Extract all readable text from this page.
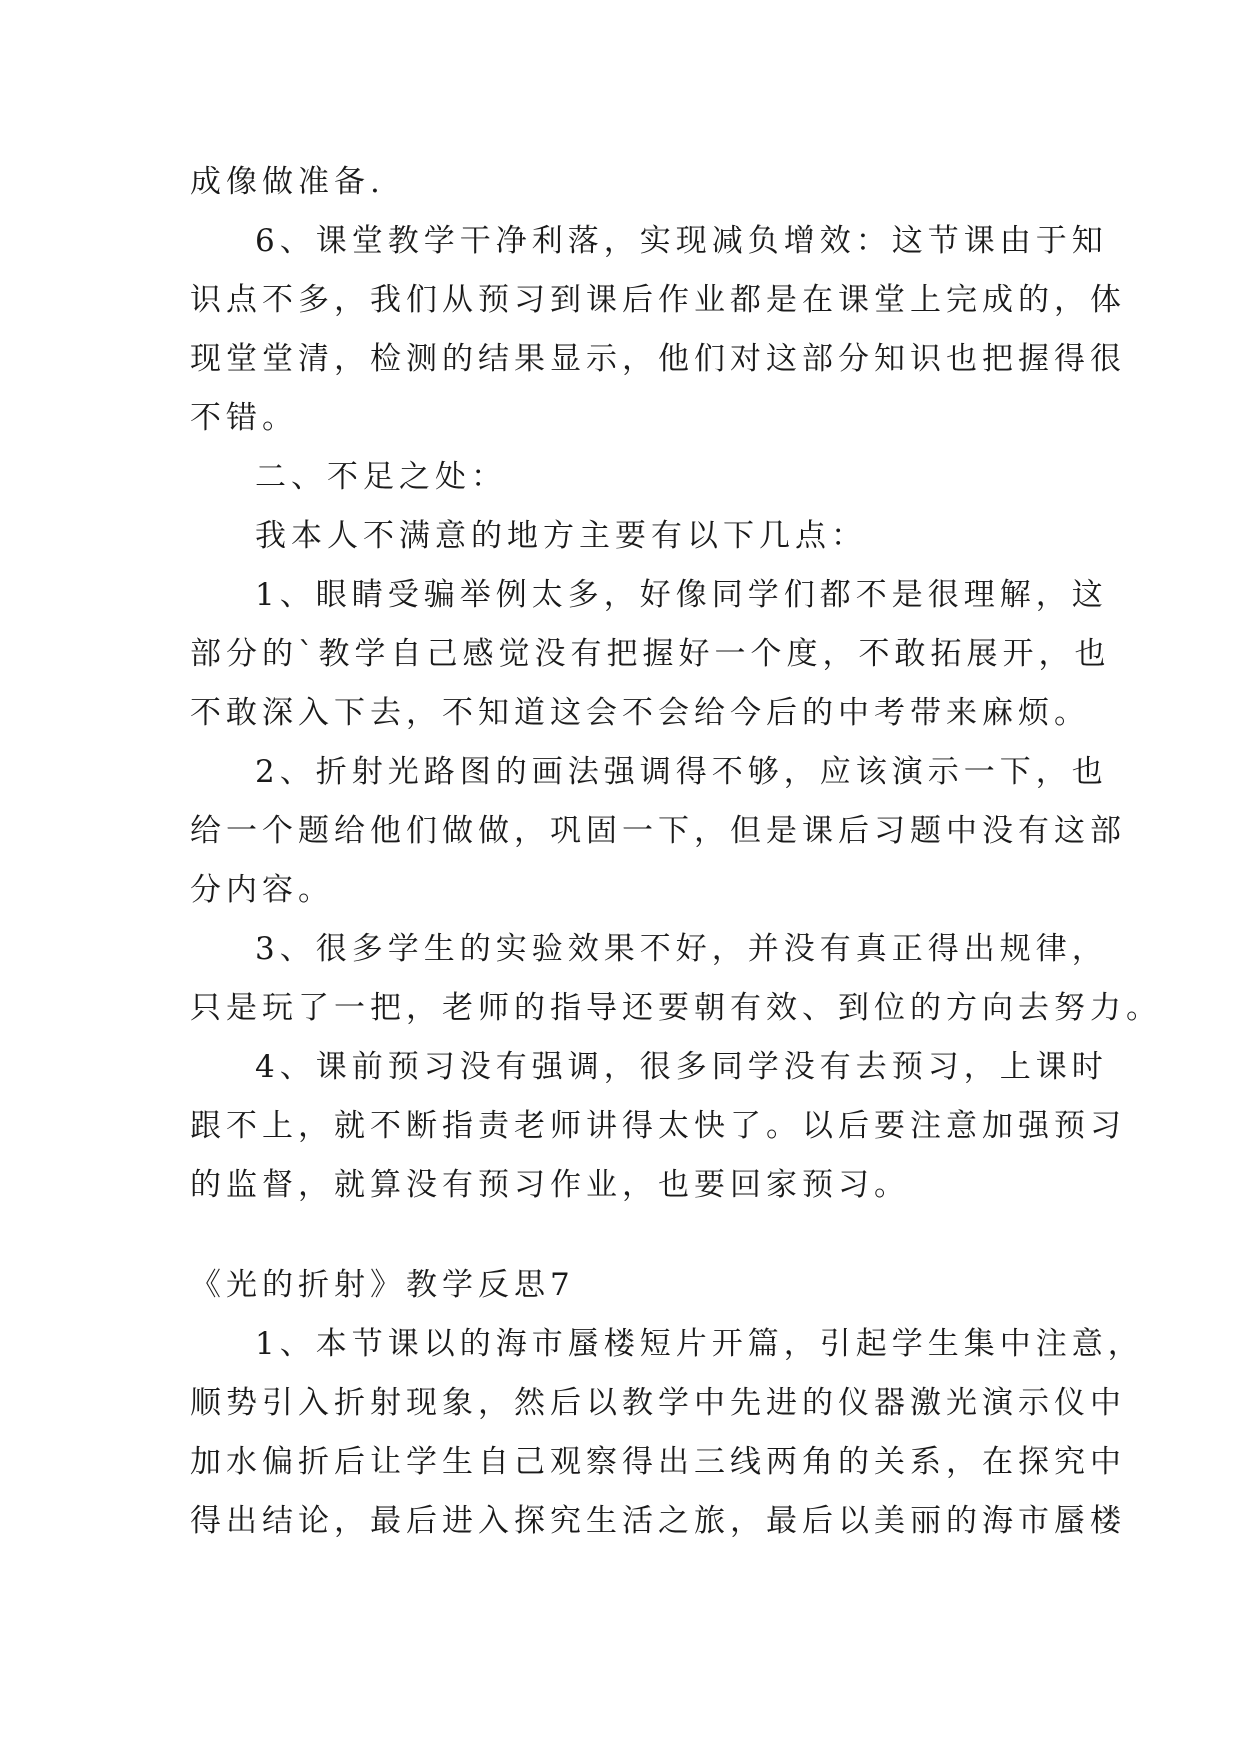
成像做准备.
6、课堂教学干净利落，实现减负增效：这节课由于知
识点不多，我们从预习到课后作业都是在课堂上完成的，体
现堂堂清，检测的结果显示，他们对这部分知识也把握得很
不错。
二、不足之处：
我本人不满意的地方主要有以下几点：
1、眼睛受骗举例太多，好像同学们都不是很理解，这
部分的`教学自己感觉没有把握好一个度，不敢拓展开，也
不敢深入下去，不知道这会不会给今后的中考带来麻烦。
2、折射光路图的画法强调得不够，应该演示一下，也
给一个题给他们做做，巩固一下，但是课后习题中没有这部
分内容。
3、很多学生的实验效果不好，并没有真正得出规律，
只是玩了一把，老师的指导还要朝有效、到位的方向去努力。
4、课前预习没有强调，很多同学没有去预习，上课时
跟不上，就不断指责老师讲得太快了。以后要注意加强预习
的监督，就算没有预习作业，也要回家预习。
《光的折射》教学反思7
1、本节课以的海市蜃楼短片开篇，引起学生集中注意，
顺势引入折射现象，然后以教学中先进的仪器激光演示仪中
加水偏折后让学生自己观察得出三线两角的关系，在探究中
得出结论，最后进入探究生活之旅，最后以美丽的海市蜃楼
